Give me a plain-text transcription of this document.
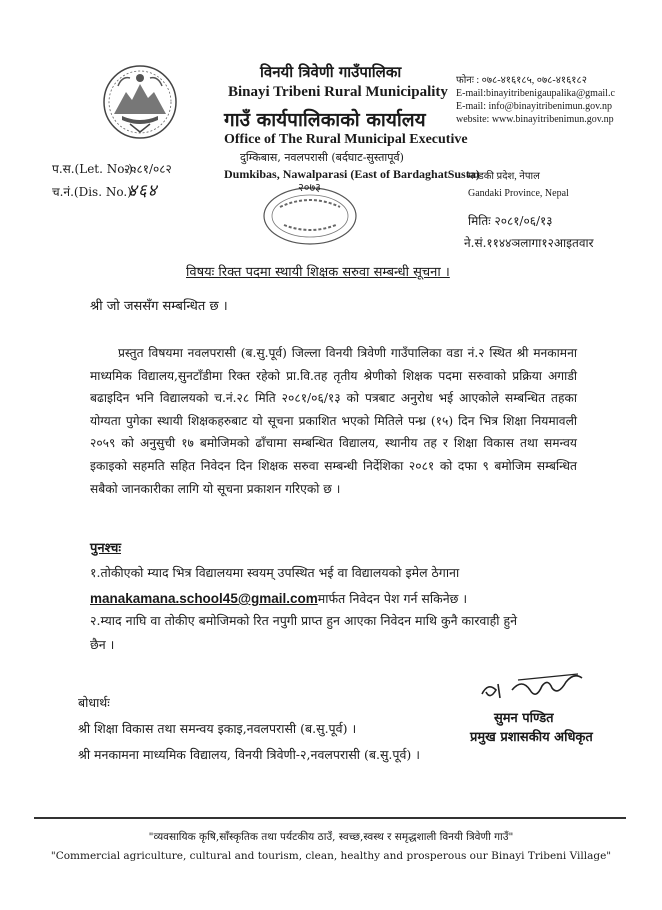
विनयी त्रिवेणी गाउँपालिका
Binayi Tribeni Rural Municipality
गाउँ कार्यपालिकाको कार्यालय
Office of The Rural Municipal Executive
दुम्किबास, नवलपरासी (बर्दघाट-सुस्तापूर्व)
Dumkibas, Nawalparasi (East of BardaghatSusta)
फोनः : ०७८-४१६१८५, ०७८-४१६१८२
E-mail:binayitribenigaupalika@gmail.c
E-mail: info@binayitribenimun.gov.np
website: www.binayitribenimun.gov.np
प.स.(Let. No.):२०८१/०८२
च.नं.(Dis. No.):४६४
गण्डकी प्रदेश, नेपाल
Gandaki Province, Nepal
२०७३
मितिः २०८१/०६/१३
ने.सं.११४४ञलागा१२आइतवार
विषयः रिक्त पदमा स्थायी शिक्षक सरुवा सम्बन्धी सूचना ।
श्री जो जससँग सम्बन्धित छ ।
प्रस्तुत विषयमा नवलपरासी (ब.सु.पूर्व) जिल्ला विनयी त्रिवेणी गाउँपालिका वडा नं.२ स्थित श्री मनकामना माध्यमिक विद्यालय,सुनटाँडीमा रिक्त रहेको प्रा.वि.तह तृतीय श्रेणीको शिक्षक पदमा सरुवाको प्रक्रिया अगाडी बढाइदिन भनि विद्यालयको च.नं.२८ मिति २०८१/०६/१३ को पत्रबाट अनुरोध भई आएकोले सम्बन्धित तहका योग्यता पुगेका स्थायी शिक्षकहरुबाट यो सूचना प्रकाशित भएको मितिले पन्ध्र (१५) दिन भित्र शिक्षा नियमावली २०५९ को अनुसुची १७ बमोजिमको ढाँचामा सम्बन्धित विद्यालय, स्थानीय तह र शिक्षा विकास तथा समन्वय इकाइको सहमति सहित निवेदन दिन शिक्षक सरुवा सम्बन्धी निर्देशिका २०८१ को दफा ९ बमोजिम सम्बन्धित सबैको जानकारीका लागि यो सूचना प्रकाशन गरिएको छ ।
पुनश्चः
१.तोकीएको म्याद भित्र विद्यालयमा स्वयम् उपस्थित भई वा विद्यालयको इमेल ठेगाना
manakamana.school45@gmail.comमार्फत निवेदन पेश गर्न सकिनेछ ।
२.म्याद नाघि वा तोकीए बमोजिमको रित नपुगी प्राप्त हुन आएका निवेदन माथि कुनै कारवाही हुने
छैन ।
बोधार्थः
श्री शिक्षा विकास तथा समन्वय इकाइ,नवलपरासी (ब.सु.पूर्व) ।
श्री मनकामना माध्यमिक विद्यालय, विनयी त्रिवेणी-२,नवलपरासी (ब.सु.पूर्व) ।
सुमन पण्डित
प्रमुख प्रशासकीय अधिकृत
"व्यवसायिक कृषि,साँस्कृतिक तथा पर्यटकीय ठाउँ, स्वच्छ,स्वस्थ र समृद्धशाली विनयी त्रिवेणी गाउँ"
"Commercial agriculture, cultural and tourism, clean, healthy and prosperous our Binayi Tribeni Village"
